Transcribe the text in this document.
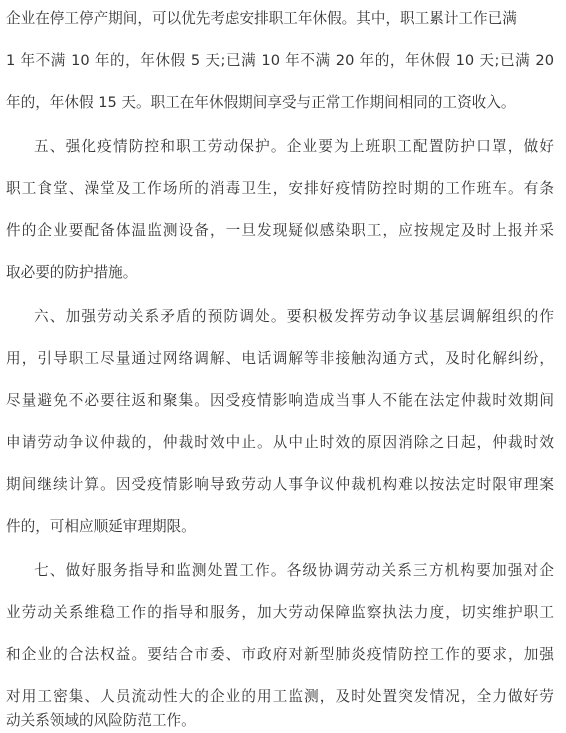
企业在停工停产期间，可以优先考虑安排职工年休假。其中，职工累计工作已满
1 年不满 10 年的，年休假 5 天;已满 10 年不满 20 年的，年休假 10 天;已满 20
年的，年休假 15 天。职工在年休假期间享受与正常工作期间相同的工资收入。
五、强化疫情防控和职工劳动保护。企业要为上班职工配置防护口罩，做好
职工食堂、澡堂及工作场所的消毒卫生，安排好疫情防控时期的工作班车。有条
件的企业要配备体温监测设备，一旦发现疑似感染职工，应按规定及时上报并采
取必要的防护措施。
六、加强劳动关系矛盾的预防调处。要积极发挥劳动争议基层调解组织的作
用，引导职工尽量通过网络调解、电话调解等非接触沟通方式，及时化解纠纷，
尽量避免不必要往返和聚集。因受疫情影响造成当事人不能在法定仲裁时效期间
申请劳动争议仲裁的，仲裁时效中止。从中止时效的原因消除之日起，仲裁时效
期间继续计算。因受疫情影响导致劳动人事争议仲裁机构难以按法定时限审理案
件的，可相应顺延审理期限。
七、做好服务指导和监测处置工作。各级协调劳动关系三方机构要加强对企
业劳动关系维稳工作的指导和服务，加大劳动保障监察执法力度，切实维护职工
和企业的合法权益。要结合市委、市政府对新型肺炎疫情防控工作的要求，加强
对用工密集、人员流动性大的企业的用工监测，及时处置突发情况，全力做好劳
动关系领域的风险防范工作。
